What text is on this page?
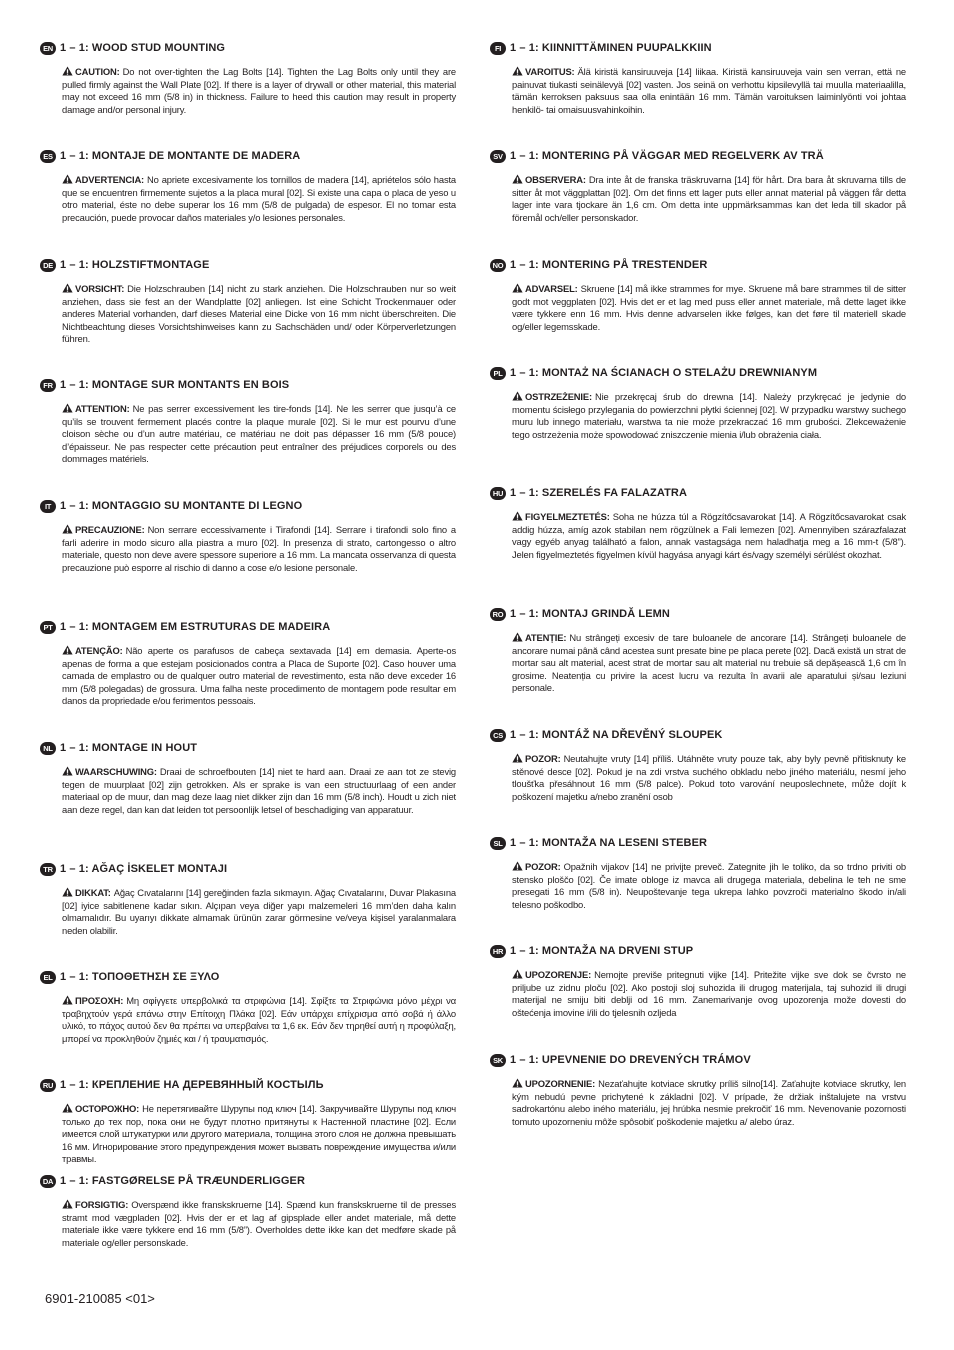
EN 1 – 1: WOOD STUD MOUNTING
CAUTION: Do not over-tighten the Lag Bolts [14]. Tighten the Lag Bolts only until they are pulled firmly against the Wall Plate [02]. If there is a layer of drywall or other material, this material may not exceed 16 mm (5/8 in) in thickness. Failure to heed this caution may result in property damage and/or personal injury.
ES 1 – 1: MONTAJE DE MONTANTE DE MADERA
ADVERTENCIA: No apriete excesivamente los tornillos de madera [14], apriételos sólo hasta que se encuentren firmemente sujetos a la placa mural [02]. Si existe una capa o placa de yeso u otro material, éste no debe superar los 16 mm (5/8 de pulgada) de espesor. El no tomar esta precaución, puede provocar daños materiales y/o lesiones personales.
DE 1 – 1: HOLZSTIFTMONTAGE
VORSICHT: Die Holzschrauben [14] nicht zu stark anziehen. Die Holzschrauben nur so weit anziehen, dass sie fest an der Wandplatte [02] anliegen. Ist eine Schicht Trockenmauer oder anderes Material vorhanden, darf dieses Material eine Dicke von 16 mm nicht überschreiten. Die Nichtbeachtung dieses Vorsichtshinweises kann zu Sachschäden und/ oder Körperverletzungen führen.
FR 1 – 1: MONTAGE SUR MONTANTS EN BOIS
ATTENTION: Ne pas serrer excessivement les tire-fonds [14]. Ne les serrer que jusqu’à ce qu’ils se trouvent fermement placés contre la plaque murale [02]. Si le mur est pourvu d’une cloison sèche ou d’un autre matériau, ce matériau ne doit pas dépasser 16 mm (5/8 pouce) d’épaisseur. Ne pas respecter cette précaution peut entraîner des préjudices corporels ou des dommages matériels.
IT 1 – 1: MONTAGGIO SU MONTANTE DI LEGNO
PRECAUZIONE: Non serrare eccessivamente i Tirafondi [14]. Serrare i tirafondi solo fino a farli aderire in modo sicuro alla piastra a muro [02]. In presenza di strato, cartongesso o altro materiale, questo non deve avere spessore superiore a 16 mm. La mancata osservanza di questa precauzione può esporre al rischio di danno a cose e/o lesione personale.
PT 1 – 1: MONTAGEM EM ESTRUTURAS DE MADEIRA
ATENÇÃO: Não aperte os parafusos de cabeça sextavada [14] em demasia. Aperte-os apenas de forma a que estejam posicionados contra a Placa de Suporte [02]. Caso houver uma camada de emplastro ou de qualquer outro material de revestimento, esta não deve exceder 16 mm (5/8 polegadas) de grossura. Uma falha neste procedimento de montagem pode resultar em danos da propriedade e/ou ferimentos pessoais.
NL 1 – 1: MONTAGE IN HOUT
WAARSCHUWING: Draai de schroefbouten [14] niet te hard aan. Draai ze aan tot ze stevig tegen de muurplaat [02] zijn getrokken. Als er sprake is van een structuurlaag of een ander materiaal op de muur, dan mag deze laag niet dikker zijn dan 16 mm (5/8 inch). Houdt u zich niet aan deze regel, dan kan dat leiden tot persoonlijk letsel of beschadiging van apparatuur.
TR 1 – 1: AĞAÇ İSKELET MONTAJI
DIKKAT: Ağaç Cıvatalarını [14] gereğinden fazla sıkmayın. Ağaç Cıvatalarını, Duvar Plakasına [02] iyice sabitlenene kadar sıkın. Alçıpan veya diğer yapı malzemeleri 16 mm’den daha kalın olmamalıdır. Bu uyarıyı dikkate almamak ürünün zarar görmesine ve/veya kişisel yaralanmalara neden olabilir.
EL 1 – 1: ΤΟΠΟΘΕΤΗΣΗ ΣΕ ΞΥΛΟ
ΠΡΟΣΟΧΗ: Μη σφίγγετε υπερβολικά τα στριφώνια [14]. Σφίξτε τα Στριφώνια μόνο μέχρι να τραβηχτούν γερά επάνω στην Επίτοιχη Πλάκα [02]. Εάν υπάρχει επίχρισμα από σοβά ή άλλο υλικό, το πάχος αυτού δεν θα πρέπει να υπερβαίνει τα 1,6 εκ. Εάν δεν τηρηθεί αυτή η προφύλαξη, μπορεί να προκληθούν ζημιές και / ή τραυματισμός.
RU 1 – 1: КРЕПЛЕНИЕ НА ДЕРЕВЯННЫЙ КОСТЫЛЬ
ОСТОРОЖНО: Не перетягивайте Шурупы под ключ [14]. Закручивайте Шурупы под ключ только до тех пор, пока они не будут плотно притянуты к Настенной пластине [02]. Если имеется слой штукатурки или другого материала, толщина этого слоя не должна превышать 16 мм. Игнорирование этого предупреждения может вызвать повреждение имущества и/или травмы.
DA 1 – 1: FASTGØRELSE PÅ TRÆUNDERLIGGER
FORSIGTIG: Overspænd ikke franskskruerne [14]. Spænd kun franskskruerne til de presses stramt mod vægpladen [02]. Hvis der er et lag af gipsplade eller andet materiale, må dette materiale ikke være tykkere end 16 mm (5/8”). Overholdes dette ikke kan det medføre skade på materiale og/eller personskade.
FI 1 – 1: KIINNITTÄMINEN PUUPALKKIIN
VAROITUS: Älä kiristä kansiruuveja [14] liikaa. Kiristä kansiruuveja vain sen verran, että ne painuvat tiukasti seinälevyä [02] vasten. Jos seinä on verhottu kipsilevyllä tai muulla materiaalilla, tämän kerroksen paksuus saa olla enintään 16 mm. Tämän varoituksen laiminlyönti voi johtaa henkilö- tai omaisuusvahinkoihin.
SV 1 – 1: MONTERING PÅ VÄGGAR MED REGELVERK AV TRÄ
OBSERVERA: Dra inte åt de franska träskruvarna [14] för hårt. Dra bara åt skruvarna tills de sitter åt mot väggplattan [02]. Om det finns ett lager puts eller annat material på väggen får detta lager inte vara tjockare än 1,6 cm. Om detta inte uppmärksammas kan det leda till skador på föremål och/eller personskador.
NO 1 – 1: MONTERING PÅ TRESTENDER
ADVARSEL: Skruene [14] må ikke strammes for mye. Skruene må bare strammes til de sitter godt mot veggplaten [02]. Hvis det er et lag med puss eller annet materiale, må dette laget ikke være tykkere enn 16 mm. Hvis denne advarselen ikke følges, kan det føre til materiell skade og/eller legemsskade.
PL 1 – 1: MONTAŻ NA ŚCIANACH O STELAŻU DREWNIANYM
OSTRZEŻENIE: Nie przekręcaj śrub do drewna [14]. Należy przykręcać je jedynie do momentu ścisłego przylegania do powierzchni płytki ściennej [02]. W przypadku warstwy suchego muru lub innego materiału, warstwa ta nie może przekraczać 16 mm grubości. Zlekceważenie tego ostrzeżenia może spowodować zniszczenie mienia i/lub obrażenia ciała.
HU 1 – 1: SZERELÉS FA FALAZATRA
FIGYELMEZTETÉS: Soha ne húzza túl a Rögzítőcsavarokat [14]. A Rögzítőcsavarokat csak addig húzza, amíg azok stabilan nem rögzülnek a Fali lemezen [02]. Amennyiben szárazfalazat vagy egyéb anyag található a falon, annak vastagsága nem haladhatja meg a 16 mm-t (5/8”). Jelen figyelmeztetés figyelmen kívül hagyása anyagi kárt és/vagy személyi sérülést okozhat.
RO 1 – 1: MONTAJ GRINDĂ LEMN
ATENȚIE: Nu strângeți excesiv de tare buloanele de ancorare [14]. Strângeți buloanele de ancorare numai până când acestea sunt presate bine pe placa perete [02]. Dacă există un strat de mortar sau alt material, acest strat de mortar sau alt material nu trebuie să depășească 1,6 cm în grosime. Neatenția cu privire la acest lucru va rezulta în avarii ale aparatului și/sau leziuni personale.
CS 1 – 1: MONTÁŽ NA DŘEVĚNÝ SLOUPEK
POZOR: Neutahujte vruty [14] příliš. Utáhněte vruty pouze tak, aby byly pevně přitisknuty ke stěnové desce [02]. Pokud je na zdi vrstva suchého obkladu nebo jiného materiálu, nesmí jeho tloušťka přesáhnout 16 mm (5/8 palce). Pokud toto varování neuposlechnete, může dojít k poškození majetku a/nebo zranění osob
SL 1 – 1: MONTAŽA NA LESENI STEBER
POZOR: Opažnih vijakov [14] ne privijte preveč. Zategnite jih le toliko, da so trdno priviti ob stensko ploščo [02]. Če imate obloge iz mavca ali drugega materiala, debelina le teh ne sme presegati 16 mm (5/8 in). Neupoštevanje tega ukrepa lahko povzroči materialno škodo in/ali telesno poškodbo.
HR 1 – 1: MONTAŽA NA DRVENI STUP
UPOZORENJE: Nemojte previše pritegnuti vijke [14]. Pritežite vijke sve dok se čvrsto ne priljube uz zidnu ploču [02]. Ako postoji sloj suhozida ili drugog materijala, taj suhozid ili drugi materijal ne smiju biti deblji od 16 mm. Zanemarivanje ovog upozorenja može dovesti do oštećenja imovine i/ili do tjelesnih ozljeda
SK 1 – 1: UPEVNENIE DO DREVENÝCH TRÁMOV
UPOZORNENIE: Nezaťahujte kotviace skrutky príliš silno[14]. Zaťahujte kotviace skrutky, len kým nebudú pevne prichytené k základni [02]. V prípade, že držiak inštalujete na vrstvu sadrokartónu alebo iného materiálu, jej hrúbka nesmie prekročiť 16 mm. Nevenovanie pozornosti tomuto upozorneniu môže spôsobiť poškodenie majetku a/ alebo úraz.
6901-210085 <01>
